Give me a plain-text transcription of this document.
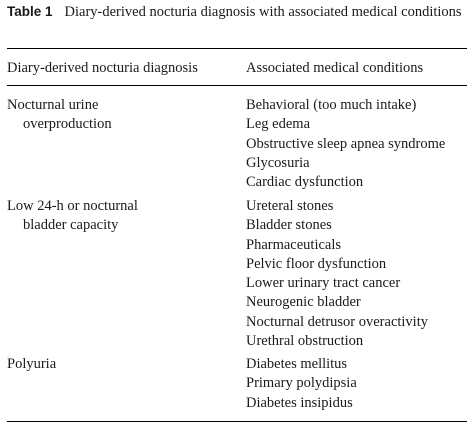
Table 1 Diary-derived nocturia diagnosis with associated medical conditions
Diary-derived nocturia diagnosis	Associated medical conditions
Nocturnal urine
overproduction
Behavioral (too much intake)
Leg edema
Obstructive sleep apnea syndrome
Glycosuria
Cardiac dysfunction
Low 24-h or nocturnal
bladder capacity
Ureteral stones
Bladder stones
Pharmaceuticals
Pelvic floor dysfunction
Lower urinary tract cancer
Neurogenic bladder
Nocturnal detrusor overactivity
Urethral obstruction
Polyuria	Diabetes mellitus
Primary polydipsia
Diabetes insipidus
